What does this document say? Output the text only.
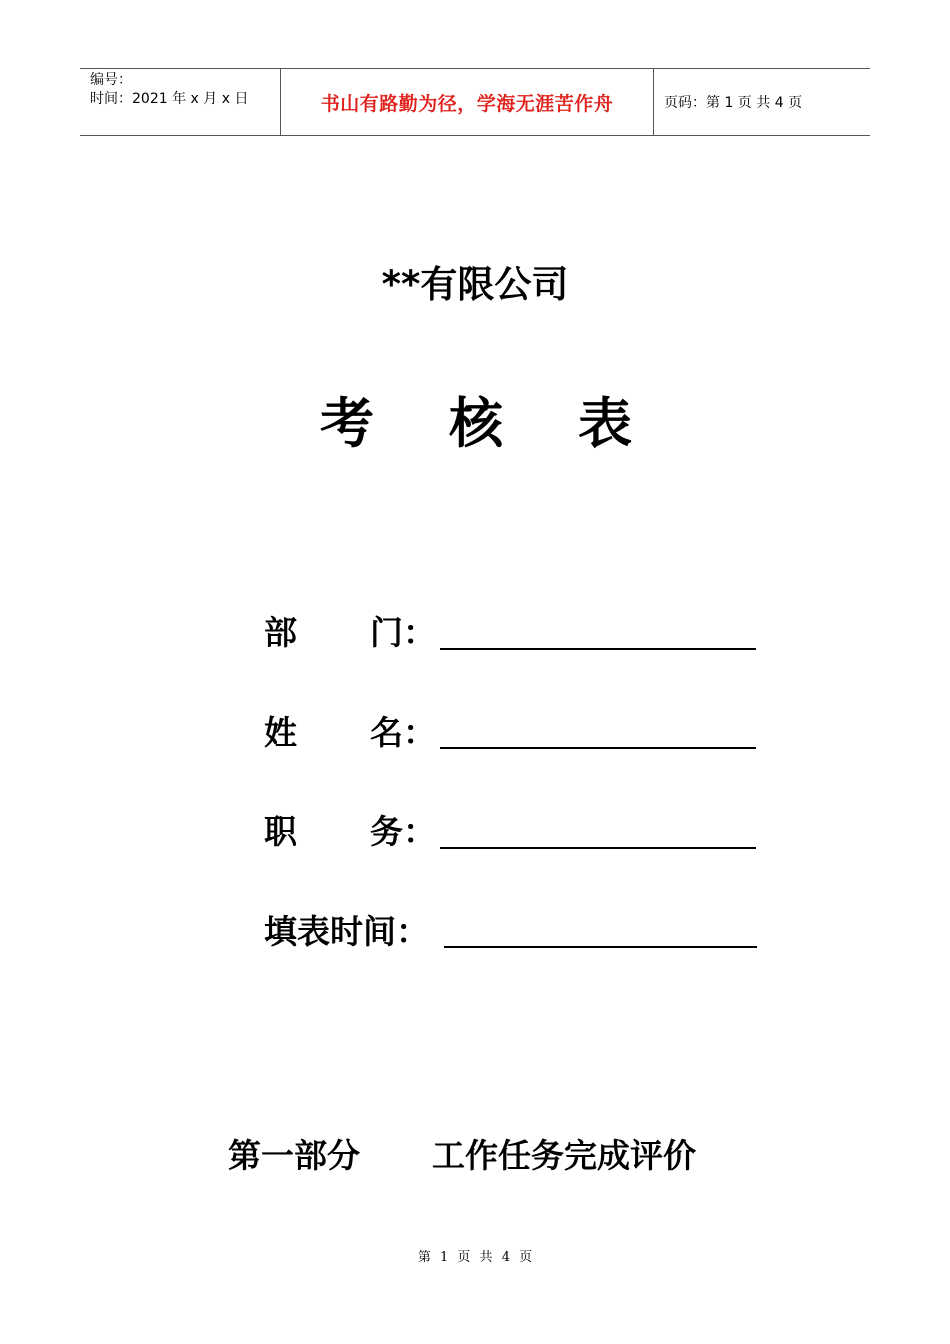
编号：
时间：2021 年 x 月 x 日	书山有路勤为径，学海无涯苦作舟	页码：第 1 页 共 4 页
**有限公司
考 核 表
部 门：
姓 名：
职 务：
填表时间：
第一部分 工作任务完成评价
第 1 页 共 4 页
